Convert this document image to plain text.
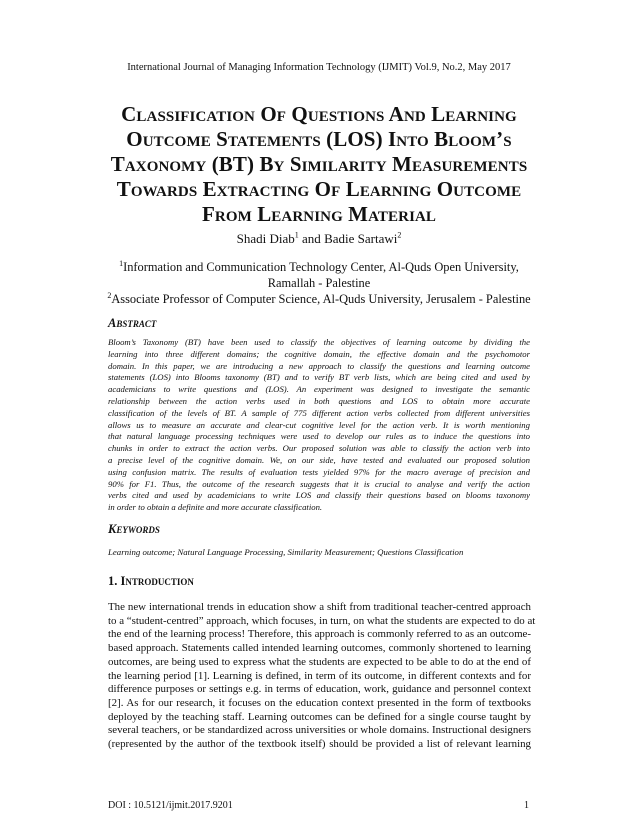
International Journal of Managing Information Technology (IJMIT) Vol.9, No.2, May 2017
Classification Of Questions And Learning
Outcome Statements (LOS) Into Bloom’s
Taxonomy (BT) By Similarity Measurements
Towards Extracting Of Learning Outcome
From Learning Material
Shadi Diab$^1$ and Badie Sartawi$^2$
$^1$Information and Communication Technology Center, Al-Quds Open University,
Ramallah - Palestine
$^2$Associate Professor of Computer Science, Al-Quds University, Jerusalem - Palestine
Abstract
Bloom’s Taxonomy (BT) have been used to classify the objectives of learning outcome by dividing the
learning into three different domains; the cognitive domain, the effective domain and the psychomotor
domain. In this paper, we are introducing a new approach to classify the questions and learning outcome
statements (LOS) into Blooms taxonomy (BT) and to verify BT verb lists, which are being cited and used by
academicians to write questions and (LOS). An experiment was designed to investigate the semantic
relationship between the action verbs used in both questions and LOS to obtain more accurate
classification of the levels of BT. A sample of 775 different action verbs collected from different universities
allows us to measure an accurate and clear-cut cognitive level for the action verb. It is worth mentioning
that natural language processing techniques were used to develop our rules as to induce the questions into
chunks in order to extract the action verbs. Our proposed solution was able to classify the action verb into
a precise level of the cognitive domain. We, on our side, have tested and evaluated our proposed solution
using confusion matrix. The results of evaluation tests yielded 97% for the macro average of precision and
90% for F1. Thus, the outcome of the research suggests that it is crucial to analyse and verify the action
verbs cited and used by academicians to write LOS and classify their questions based on blooms taxonomy
in order to obtain a definite and more accurate classification.
Keywords
Learning outcome; Natural Language Processing, Similarity Measurement; Questions Classification
1. Introduction
The new international trends in education show a shift from traditional teacher-centred approach
to a “student-centred” approach, which focuses, in turn, on what the students are expected to do at
the end of the learning process! Therefore, this approach is commonly referred to as an outcome-
based approach. Statements called intended learning outcomes, commonly shortened to learning
outcomes, are being used to express what the students are expected to be able to do at the end of
the learning period [1]. Learning is defined, in term of its outcome, in different contexts and for
difference purposes or settings e.g. in terms of education, work, guidance and personnel context
[2]. As for our research, it focuses on the education context presented in the form of textbooks
deployed by the teaching staff. Learning outcomes can be defined for a single course taught by
several teachers, or be standardized across universities or whole domains. Instructional designers
(represented by the author of the textbook itself) should be provided a list of relevant learning
DOI : 10.5121/ijmit.2017.9201	1
